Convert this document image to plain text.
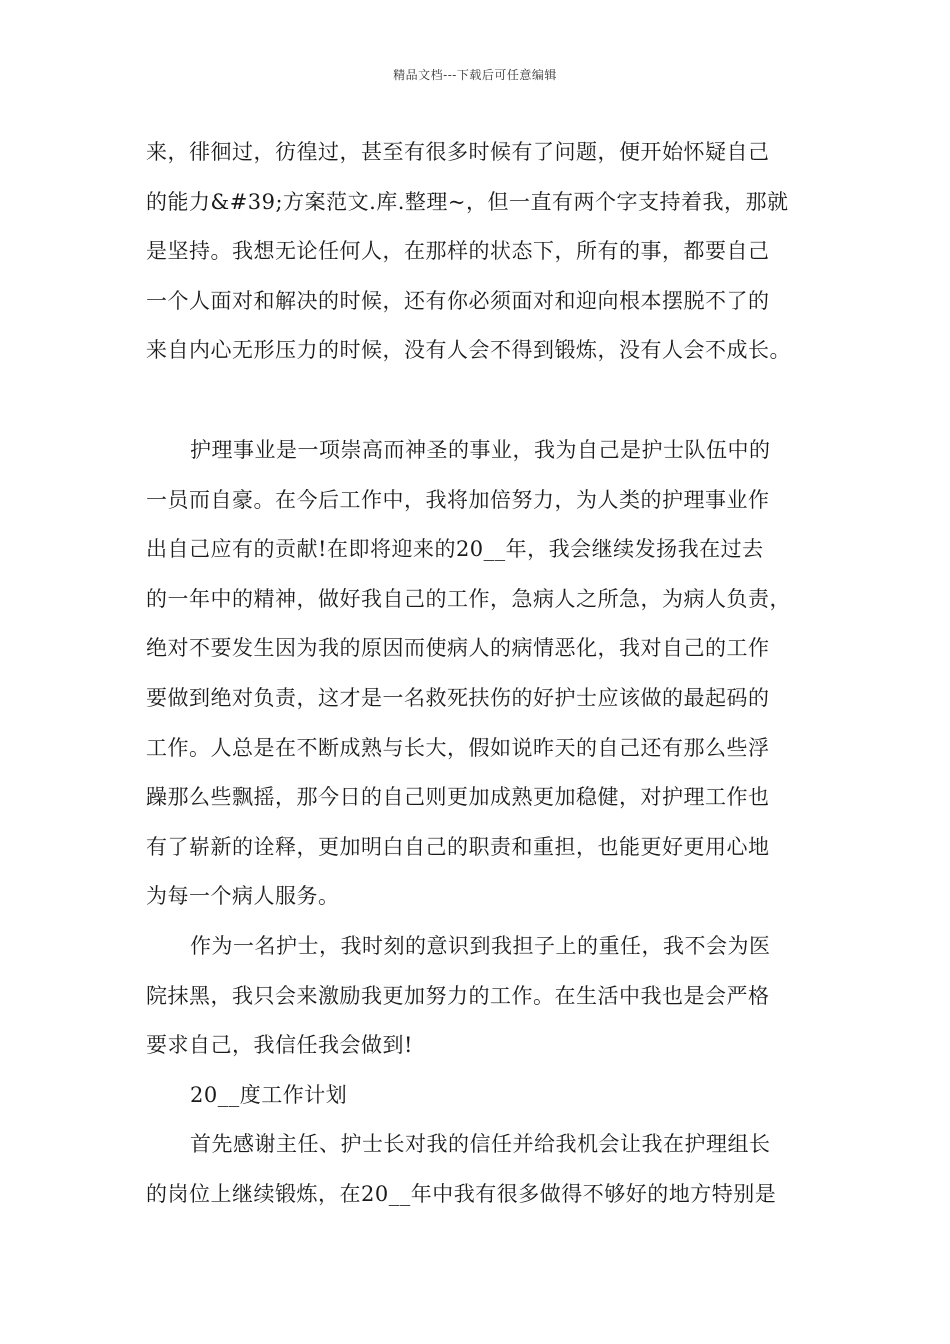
精品文档---下载后可任意编辑
来，徘徊过，彷徨过，甚至有很多时候有了问题，便开始怀疑自己
的能力&#39;方案范文.库.整理~，但一直有两个字支持着我，那就
是坚持。我想无论任何人，在那样的状态下，所有的事，都要自己
一个人面对和解决的时候，还有你必须面对和迎向根本摆脱不了的
来自内心无形压力的时候，没有人会不得到锻炼，没有人会不成长。
护理事业是一项崇高而神圣的事业，我为自己是护士队伍中的
一员而自豪。在今后工作中，我将加倍努力，为人类的护理事业作
出自己应有的贡献!在即将迎来的20__年，我会继续发扬我在过去
的一年中的精神，做好我自己的工作，急病人之所急，为病人负责，
绝对不要发生因为我的原因而使病人的病情恶化，我对自己的工作
要做到绝对负责，这才是一名救死扶伤的好护士应该做的最起码的
工作。人总是在不断成熟与长大，假如说昨天的自己还有那么些浮
躁那么些飘摇，那今日的自己则更加成熟更加稳健，对护理工作也
有了崭新的诠释，更加明白自己的职责和重担，也能更好更用心地
为每一个病人服务。
作为一名护士，我时刻的意识到我担子上的重任，我不会为医
院抹黑，我只会来激励我更加努力的工作。在生活中我也是会严格
要求自己，我信任我会做到!
20__度工作计划
首先感谢主任、护士长对我的信任并给我机会让我在护理组长
的岗位上继续锻炼，在20__年中我有很多做得不够好的地方特别是
